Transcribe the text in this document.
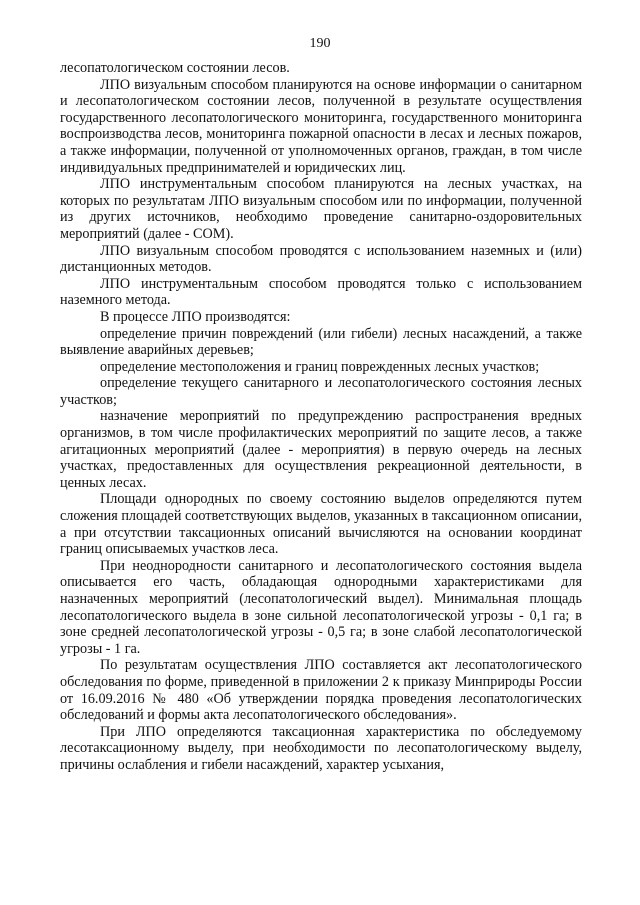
190

лесопатологическом состоянии лесов.

ЛПО визуальным способом планируются на основе информации о санитарном и лесопатологическом состоянии лесов, полученной в результате осуществления государственного лесопатологического мониторинга, государственного мониторинга воспроизводства лесов, мониторинга пожарной опасности в лесах и лесных пожаров, а также информации, полученной от уполномоченных органов, граждан, в том числе индивидуальных предпринимателей и юридических лиц.

ЛПО инструментальным способом планируются на лесных участках, на которых по результатам ЛПО визуальным способом или по информации, полученной из других источников, необходимо проведение санитарно-оздоровительных мероприятий (далее - СОМ).

ЛПО визуальным способом проводятся с использованием наземных и (или) дистанционных методов.

ЛПО инструментальным способом проводятся только с использованием наземного метода.

В процессе ЛПО производятся:

определение причин повреждений (или гибели) лесных насаждений, а также выявление аварийных деревьев;

определение местоположения и границ поврежденных лесных участков;

определение текущего санитарного и лесопатологического состояния лесных участков;

назначение мероприятий по предупреждению распространения вредных организмов, в том числе профилактических мероприятий по защите лесов, а также агитационных мероприятий (далее - мероприятия) в первую очередь на лесных участках, предоставленных для осуществления рекреационной деятельности, в ценных лесах.

Площади однородных по своему состоянию выделов определяются путем сложения площадей соответствующих выделов, указанных в таксационном описании, а при отсутствии таксационных описаний вычисляются на основании координат границ описываемых участков леса.

При неоднородности санитарного и лесопатологического состояния выдела описывается его часть, обладающая однородными характеристиками для назначенных мероприятий (лесопатологический выдел). Минимальная площадь лесопатологического выдела в зоне сильной лесопатологической угрозы - 0,1 га; в зоне средней лесопатологической угрозы - 0,5 га; в зоне слабой лесопатологической угрозы - 1 га.

По результатам осуществления ЛПО составляется акт лесопатологического обследования по форме, приведенной в приложении 2 к приказу Минприроды России от 16.09.2016 № 480 «Об утверждении порядка проведения лесопатологических обследований и формы акта лесопатологического обследования».

При ЛПО определяются таксационная характеристика по обследуемому лесотаксационному выделу, при необходимости по лесопатологическому выделу, причины ослабления и гибели насаждений, характер усыхания,
